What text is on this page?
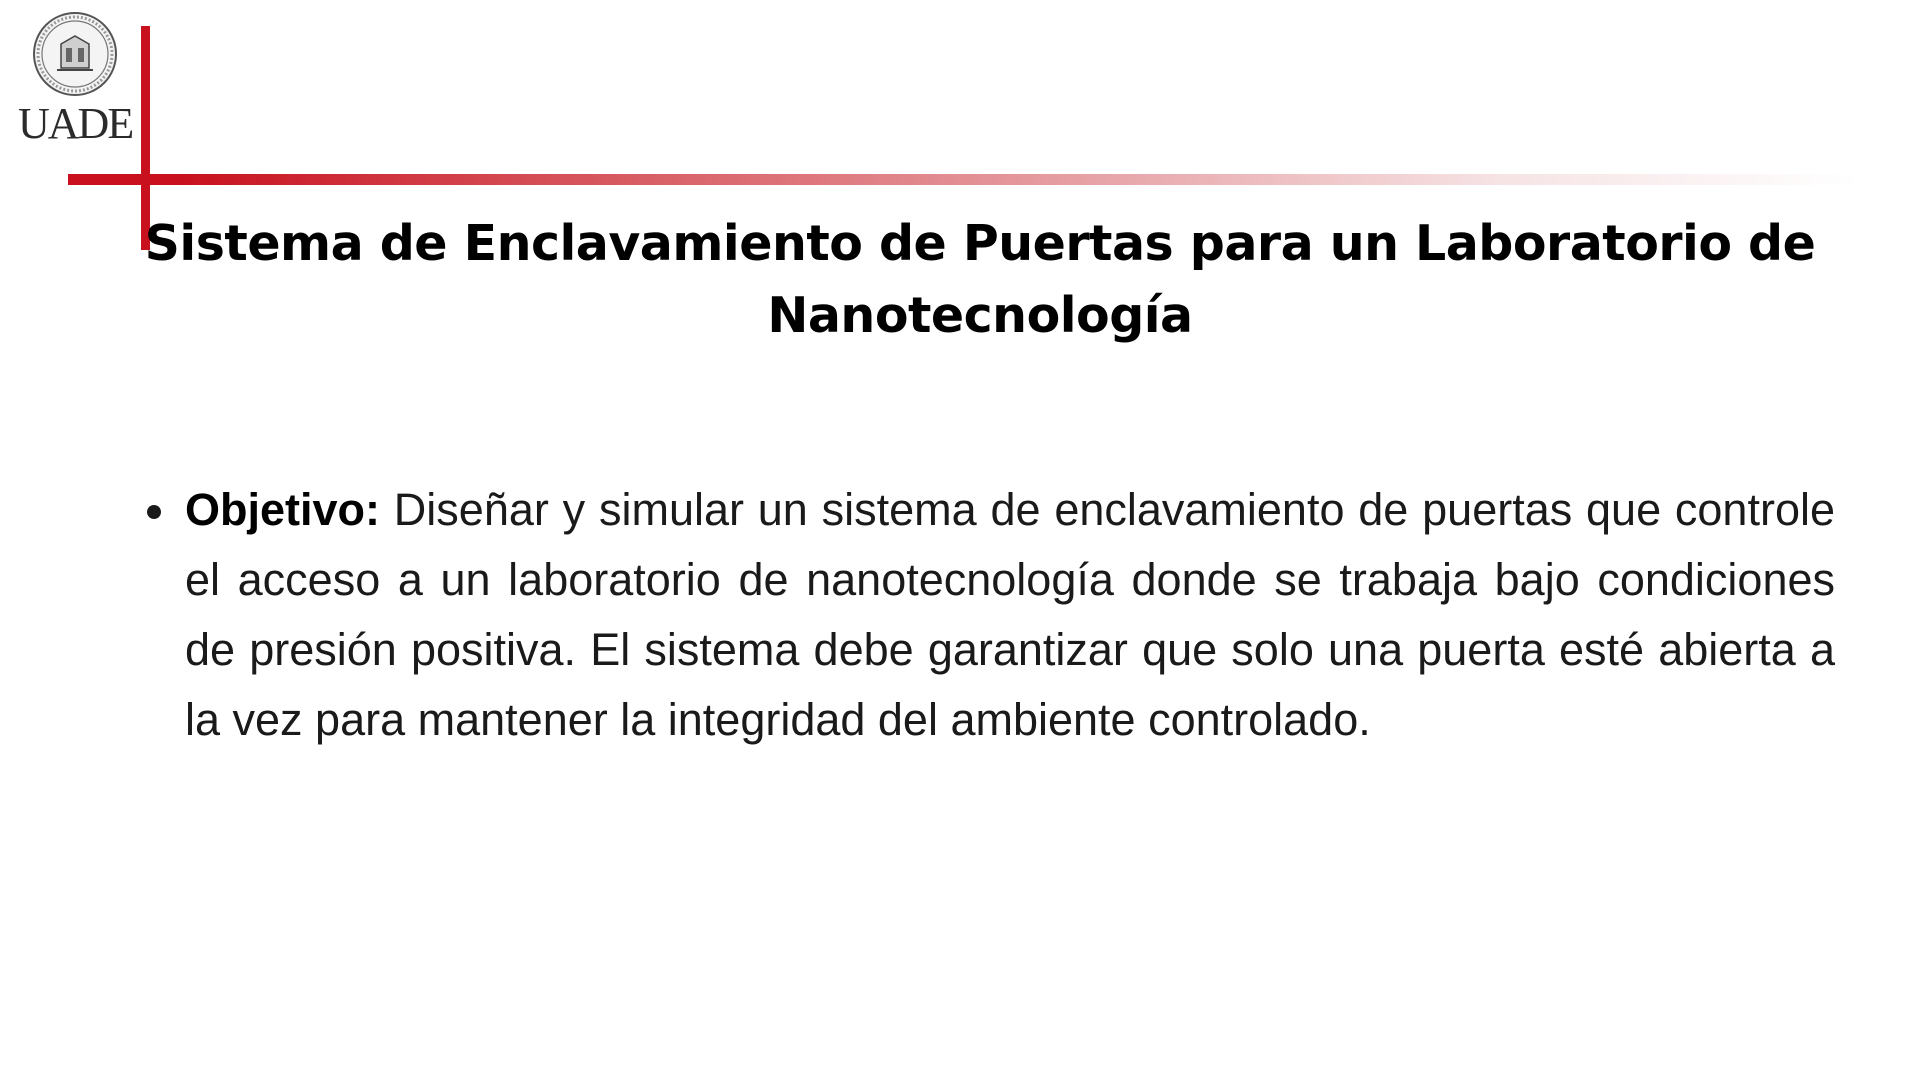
UADE
Sistema de Enclavamiento de Puertas para un Laboratorio de Nanotecnología
Objetivo: Diseñar y simular un sistema de enclavamiento de puertas que controle el acceso a un laboratorio de nanotecnología donde se trabaja bajo condiciones de presión positiva. El sistema debe garantizar que solo una puerta esté abierta a la vez para mantener la integridad del ambiente controlado.
